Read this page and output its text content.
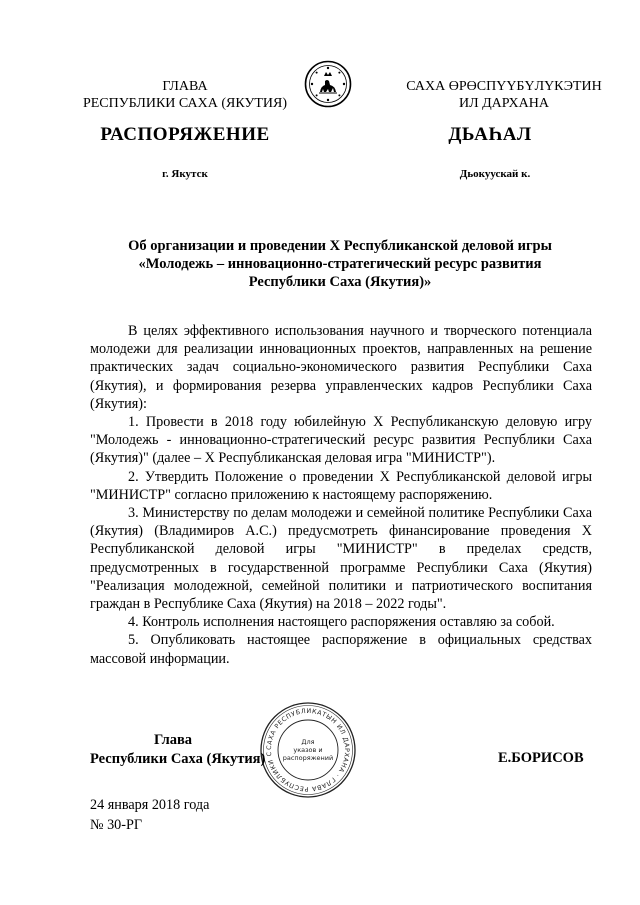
ГЛАВА
РЕСПУБЛИКИ САХА (ЯКУТИЯ)
САХА ӨРӨСПҮҮБҮЛҮКЭТИН
ИЛ ДАРХАНА
РАСПОРЯЖЕНИЕ	ДЬАҺАЛ
г. Якутск	Дьокуускай к.
Об организации и проведении X Республиканской деловой игры
«Молодежь – инновационно-стратегический ресурс развития
Республики Саха (Якутия)»

В целях эффективного использования научного и творческого потенциала молодежи для реализации инновационных проектов, направленных на решение практических задач социально-экономического развития Республики Саха (Якутия), и формирования резерва управленческих кадров Республики Саха (Якутия):

1. Провести в 2018 году юбилейную X Республиканскую деловую игру "Молодежь - инновационно-стратегический ресурс развития Республики Саха (Якутия)" (далее – X Республиканская деловая игра "МИНИСТР").

2. Утвердить Положение о проведении X Республиканской деловой игры "МИНИСТР" согласно приложению к настоящему распоряжению.

3. Министерству по делам молодежи и семейной политике Республики Саха (Якутия) (Владимиров А.С.) предусмотреть финансирование проведения X Республиканской деловой игры "МИНИСТР" в пределах средств, предусмотренных в государственной программе Республики Саха (Якутия) "Реализация молодежной, семейной политики и патриотического воспитания граждан в Республике Саха (Якутия) на 2018 – 2022 годы".

4. Контроль исполнения настоящего распоряжения оставляю за собой.

5. Опубликовать настоящее распоряжение в официальных средствах массовой информации.

САХА РЕСПУБЛИКАТЫН ИЛ ДАРХАНА · ГЛАВА РЕСПУБЛИКИ С
Для
указов и
распоряжений
Глава
Республики Саха (Якутия)	Е.БОРИСОВ
24 января 2018 года
№ 30-РГ
